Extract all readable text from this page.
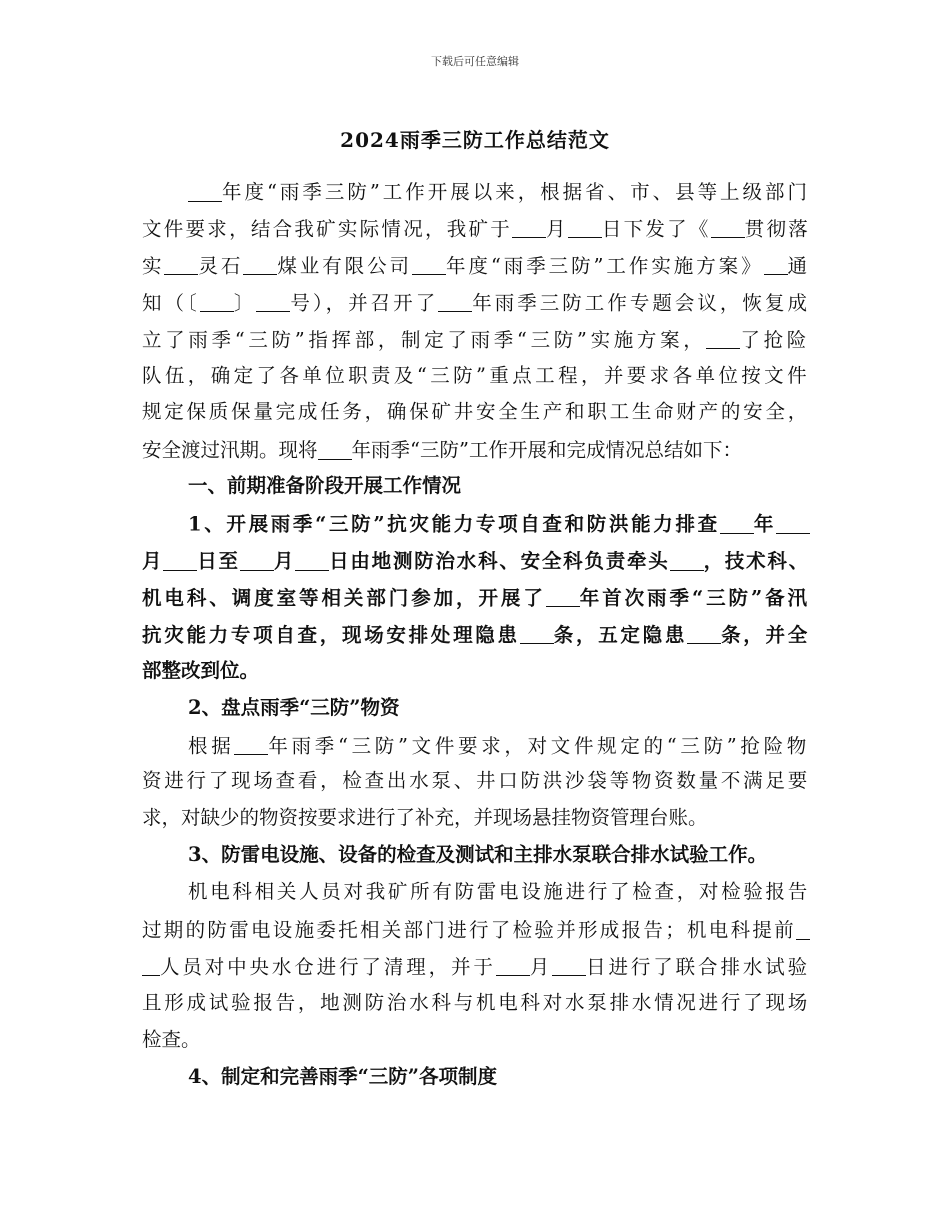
下载后可任意编辑
2024雨季三防工作总结范文
年度“雨季三防”工作开展以来，根据省、市、县等上级部门
文件要求，结合我矿实际情况，我矿于 月 日下发了《 贯彻落
实 灵石 煤业有限公司 年度“雨季三防”工作实施方案》 通
知（〔 〕 号），并召开了 年雨季三防工作专题会议，恢复成
立了雨季“三防”指挥部，制定了雨季“三防”实施方案， 了抢险
队伍，确定了各单位职责及“三防”重点工程，并要求各单位按文件
规定保质保量完成任务，确保矿井安全生产和职工生命财产的安全，
安全渡过汛期。现将 年雨季“三防”工作开展和完成情况总结如下：
一、前期准备阶段开展工作情况
1、开展雨季“三防”抗灾能力专项自查和防洪能力排查 年
月 日至 月 日由地测防治水科、安全科负责牵头 ，技术科、
机电科、调度室等相关部门参加，开展了 年首次雨季“三防”备汛
抗灾能力专项自查，现场安排处理隐患 条，五定隐患 条，并全
部整改到位。
2、盘点雨季“三防”物资
根据 年雨季“三防”文件要求，对文件规定的“三防”抢险物
资进行了现场查看，检查出水泵、井口防洪沙袋等物资数量不满足要
求，对缺少的物资按要求进行了补充，并现场悬挂物资管理台账。
3、防雷电设施、设备的检查及测试和主排水泵联合排水试验工作。
机电科相关人员对我矿所有防雷电设施进行了检查，对检验报告
过期的防雷电设施委托相关部门进行了检验并形成报告；机电科提前
人员对中央水仓进行了清理，并于 月 日进行了联合排水试验
且形成试验报告，地测防治水科与机电科对水泵排水情况进行了现场
检查。
4、制定和完善雨季“三防”各项制度
